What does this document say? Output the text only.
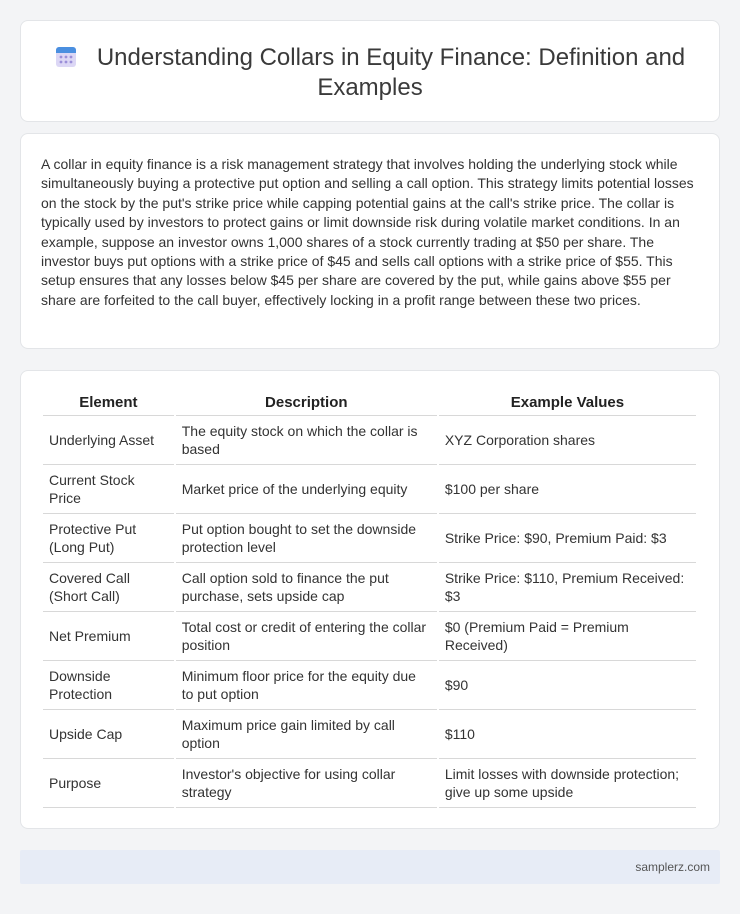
Understanding Collars in Equity Finance: Definition and Examples

A collar in equity finance is a risk management strategy that involves holding the underlying stock while simultaneously buying a protective put option and selling a call option. This strategy limits potential losses on the stock by the put's strike price while capping potential gains at the call's strike price. The collar is typically used by investors to protect gains or limit downside risk during volatile market conditions. In an example, suppose an investor owns 1,000 shares of a stock currently trading at $50 per share. The investor buys put options with a strike price of $45 and sells call options with a strike price of $55. This setup ensures that any losses below $45 per share are covered by the put, while gains above $55 per share are forfeited to the call buyer, effectively locking in a profit range between these two prices.

Element	Description	Example Values
Underlying Asset	The equity stock on which the collar is based	XYZ Corporation shares
Current Stock Price	Market price of the underlying equity	$100 per share
Protective Put (Long Put)	Put option bought to set the downside protection level	Strike Price: $90, Premium Paid: $3
Covered Call (Short Call)	Call option sold to finance the put purchase, sets upside cap	Strike Price: $110, Premium Received: $3
Net Premium	Total cost or credit of entering the collar position	$0 (Premium Paid = Premium Received)
Downside Protection	Minimum floor price for the equity due to put option	$90
Upside Cap	Maximum price gain limited by call option	$110
Purpose	Investor's objective for using collar strategy	Limit losses with downside protection; give up some upside
samplerz.com
